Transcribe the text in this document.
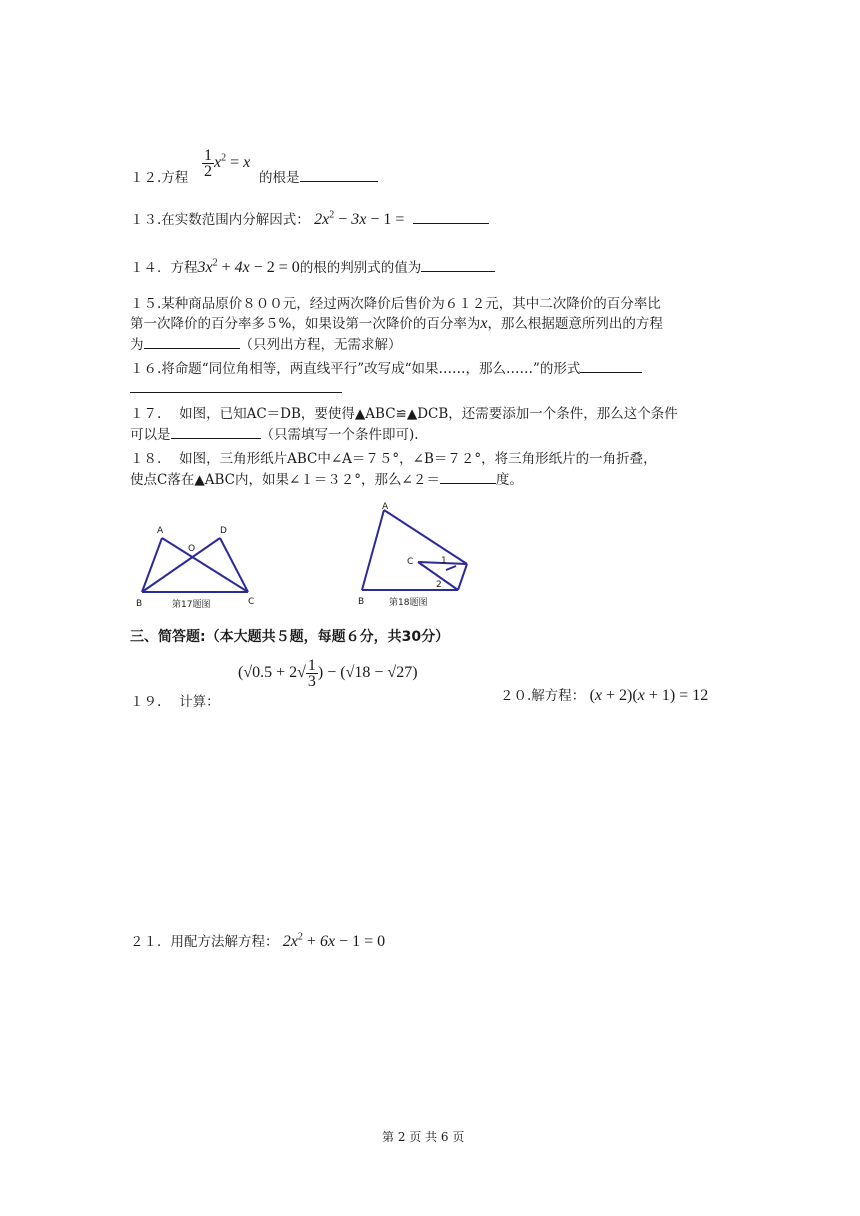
$\frac{1}{2} x^2 = x$
１２.方程	的根是
１３.在实数范围内分解因式： $2x^2 - 3x - 1$ =
１４．方程$3x^2 + 4x - 2 = 0$的根的判别式的值为
１５.某种商品原价８００元，经过两次降价后售价为６１２元，其中二次降价的百分率比
第一次降价的百分率多５%，如果设第一次降价的百分率为x，那么根据题意所列出的方程
为	（只列出方程，无需求解）
１６.将命题“同位角相等，两直线平行”改写成“如果……，那么……”的形式
１７.　 如图，已知AC＝DB，要使得▲ABC≌▲DCB，还需要添加一个条件，那么这个条件
可以是	（只需填写一个条件即可).
１８.　 如图，三角形纸片ABC中∠A＝７５°，∠B＝７２°，将三角形纸片的一角折叠，
使点C落在▲ABC内，如果∠１＝３２°，那么∠２＝	度。
A	D
O
B	C
第17题图
A
B
C	1
2
第18题图
三、简答题:（本大题共５题，每题６分，共30分）
($√0.5 + 2√ \frac{1}{3}$ ) − (√18 − √27)
１９.　 计算：	２０.解方程： (x + 2)(x + 1) = 12
２１．用配方法解方程： $2x^2 + 6x - 1 = 0$
第 2 页 共 6 页
